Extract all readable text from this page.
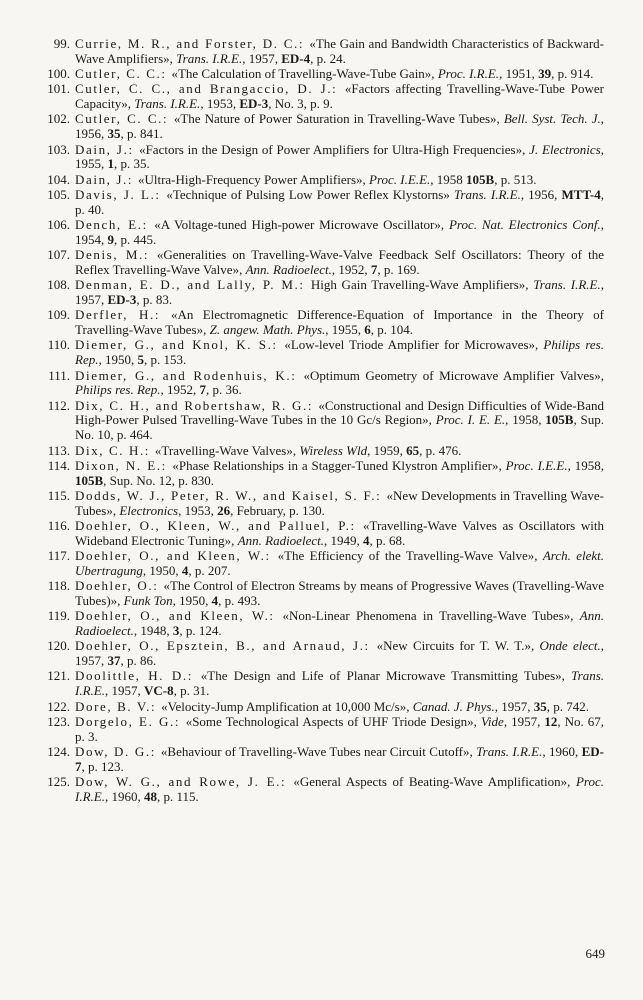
99. Currie, M. R., and Forster, D. C.: «The Gain and Bandwidth Characteristics of Backward-Wave Amplifiers», Trans. I.R.E., 1957, ED-4, p. 24.
100. Cutler, C. C.: «The Calculation of Travelling-Wave-Tube Gain», Proc. I.R.E., 1951, 39, p. 914.
101. Cutler, C. C., and Brangaccio, D. J.: «Factors affecting Travelling-Wave-Tube Power Capacity», Trans. I.R.E., 1953, ED-3, No. 3, p. 9.
102. Cutler, C. C.: «The Nature of Power Saturation in Travelling-Wave Tubes», Bell. Syst. Tech. J., 1956, 35, p. 841.
103. Dain, J.: «Factors in the Design of Power Amplifiers for Ultra-High Frequencies», J. Electronics, 1955, 1, p. 35.
104. Dain, J.: «Ultra-High-Frequency Power Amplifiers», Proc. I.E.E., 1958 105B, p. 513.
105. Davis, J. L.: «Technique of Pulsing Low Power Reflex Klystorns» Trans. I.R.E., 1956, MTT-4, p. 40.
106. Dench, E.: «A Voltage-tuned High-power Microwave Oscillator», Proc. Nat. Electronics Conf., 1954, 9, p. 445.
107. Denis, M.: «Generalities on Travelling-Wave-Valve Feedback Self Oscillators: Theory of the Reflex Travelling-Wave Valve», Ann. Radioelect., 1952, 7, p. 169.
108. Denman, E. D., and Lally, P. M.: High Gain Travelling-Wave Amplifiers», Trans. I.R.E., 1957, ED-3, p. 83.
109. Derfler, H.: «An Electromagnetic Difference-Equation of Importance in the Theory of Travelling-Wave Tubes», Z. angew. Math. Phys., 1955, 6, p. 104.
110. Diemer, G., and Knol, K. S.: «Low-level Triode Amplifier for Microwaves», Philips res. Rep., 1950, 5, p. 153.
111. Diemer, G., and Rodenhuis, K.: «Optimum Geometry of Microwave Amplifier Valves», Philips res. Rep., 1952, 7, p. 36.
112. Dix, C. H., and Robertshaw, R. G.: «Constructional and Design Difficulties of Wide-Band High-Power Pulsed Travelling-Wave Tubes in the 10 Gc/s Region», Proc. I. E. E., 1958, 105B, Sup. No. 10, p. 464.
113. Dix, C. H.: «Travelling-Wave Valves», Wireless Wld, 1959, 65, p. 476.
114. Dixon, N. E.: «Phase Relationships in a Stagger-Tuned Klystron Amplifier», Proc. I.E.E., 1958, 105B, Sup. No. 12, p. 830.
115. Dodds, W. J., Peter, R. W., and Kaisel, S. F.: «New Developments in Travelling Wave-Tubes», Electronics, 1953, 26, February, p. 130.
116. Doehler, O., Kleen, W., and Palluel, P.: «Travelling-Wave Valves as Oscillators with Wideband Electronic Tuning», Ann. Radioelect., 1949, 4, p. 68.
117. Doehler, O., and Kleen, W.: «The Efficiency of the Travelling-Wave Valve», Arch. elekt. Ubertragung, 1950, 4, p. 207.
118. Doehler, O.: «The Control of Electron Streams by means of Progressive Waves (Travelling-Wave Tubes)», Funk Ton, 1950, 4, p. 493.
119. Doehler, O., and Kleen, W.: «Non-Linear Phenomena in Travelling-Wave Tubes», Ann. Radioelect., 1948, 3, p. 124.
120. Doehler, O., Epsztein, B., and Arnaud, J.: «New Circuits for T. W. T.», Onde elect., 1957, 37, p. 86.
121. Doolittle, H. D.: «The Design and Life of Planar Microwave Transmitting Tubes», Trans. I.R.E., 1957, VC-8, p. 31.
122. Dore, B. V.: «Velocity-Jump Amplification at 10,000 Mc/s», Canad. J. Phys., 1957, 35, p. 742.
123. Dorgelo, E. G.: «Some Technological Aspects of UHF Triode Design», Vide, 1957, 12, No. 67, p. 3.
124. Dow, D. G.: «Behaviour of Travelling-Wave Tubes near Circuit Cutoff», Trans. I.R.E., 1960, ED-7, p. 123.
125. Dow, W. G., and Rowe, J. E.: «General Aspects of Beating-Wave Amplification», Proc. I.R.E., 1960, 48, p. 115.
649
